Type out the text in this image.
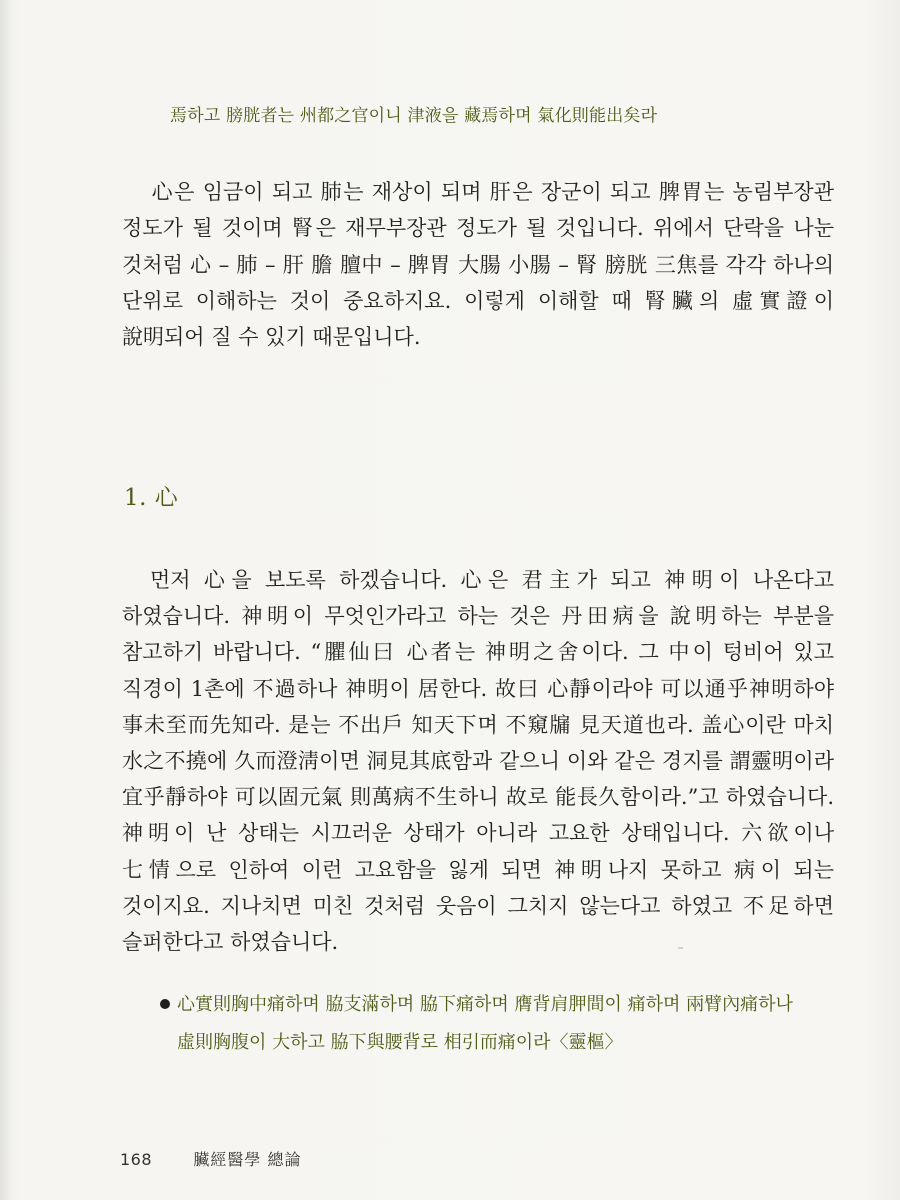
焉하고 膀胱者는 州都之官이니 津液을 藏焉하며 氣化則能出矣라
心은 임금이 되고 肺는 재상이 되며 肝은 장군이 되고 脾胃는 농림부장관 정도가 될 것이며 腎은 재무부장관 정도가 될 것입니다. 위에서 단락을 나눈 것처럼 心 – 肺 – 肝 膽 膻中 – 脾胃 大腸 小腸 – 腎 膀胱 三焦를 각각 하나의 단위로 이해하는 것이 중요하지요. 이렇게 이해할 때 腎臟의 虛實證이 說明되어 질 수 있기 때문입니다.
1. 心
먼저 心을 보도록 하겠습니다. 心은 君主가 되고 神明이 나온다고 하였습니다. 神明이 무엇인가라고 하는 것은 丹田病을 說明하는 부분을 참고하기 바랍니다. “臞仙曰 心者는 神明之舍이다. 그 中이 텅비어 있고 직경이 1촌에 不過하나 神明이 居한다. 故曰 心靜이라야 可以通乎神明하야 事未至而先知라. 是는 不出戶 知天下며 不窺牖 見天道也라. 盖心이란 마치 水之不撓에 久而澄淸이면 洞見其底함과 같으니 이와 같은 경지를 謂靈明이라 宜乎靜하야 可以固元氣 則萬病不生하니 故로 能長久함이라.”고 하였습니다. 神明이 난 상태는 시끄러운 상태가 아니라 고요한 상태입니다. 六欲이나 七情으로 인하여 이런 고요함을 잃게 되면 神明나지 못하고 病이 되는 것이지요. 지나치면 미친 것처럼 웃음이 그치지 않는다고 하였고 不足하면 슬퍼한다고 하였습니다.
心實則胸中痛하며 脇支滿하며 脇下痛하며 膺背肩胛間이 痛하며 兩臂內痛하나 虛則胸腹이 大하고 脇下與腰背로 相引而痛이라〈靈樞〉
168	臟經醫學 總論
